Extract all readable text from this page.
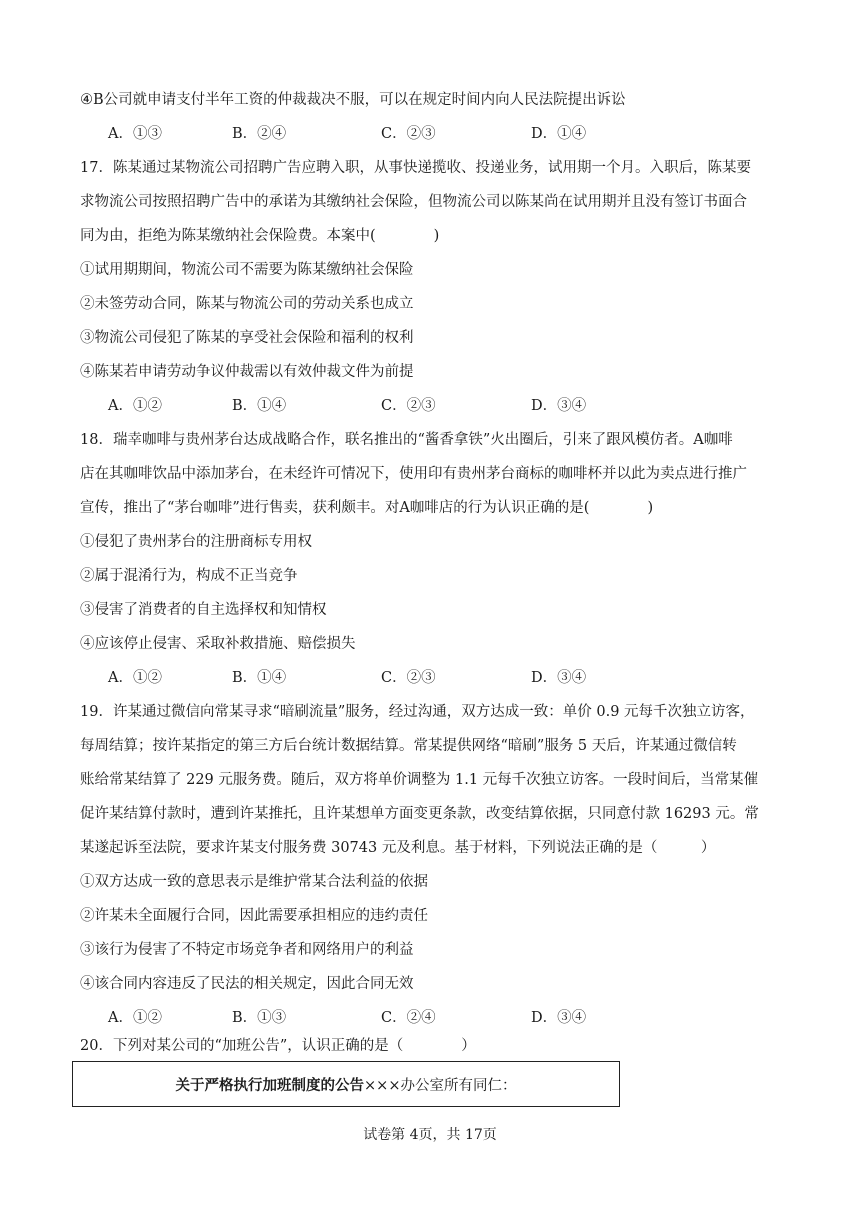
④B公司就申请支付半年工资的仲裁裁决不服，可以在规定时间内向人民法院提出诉讼
A．①③	B．②④	C．②③	D．①④
17．陈某通过某物流公司招聘广告应聘入职，从事快递揽收、投递业务，试用期一个月。入职后，陈某要
求物流公司按照招聘广告中的承诺为其缴纳社会保险，但物流公司以陈某尚在试用期并且没有签订书面合
同为由，拒绝为陈某缴纳社会保险费。本案中(　　　　)
①试用期期间，物流公司不需要为陈某缴纳社会保险
②未签劳动合同，陈某与物流公司的劳动关系也成立
③物流公司侵犯了陈某的享受社会保险和福利的权利
④陈某若申请劳动争议仲裁需以有效仲裁文件为前提
A．①②	B．①④	C．②③	D．③④
18．瑞幸咖啡与贵州茅台达成战略合作，联名推出的“酱香拿铁”火出圈后，引来了跟风模仿者。A咖啡
店在其咖啡饮品中添加茅台，在未经许可情况下，使用印有贵州茅台商标的咖啡杯并以此为卖点进行推广
宣传，推出了“茅台咖啡”进行售卖，获利颇丰。对A咖啡店的行为认识正确的是(　　　　)
①侵犯了贵州茅台的注册商标专用权
②属于混淆行为，构成不正当竞争
③侵害了消费者的自主选择权和知情权
④应该停止侵害、采取补救措施、赔偿损失
A．①②	B．①④	C．②③	D．③④
19．许某通过微信向常某寻求“暗刷流量”服务，经过沟通，双方达成一致：单价 0.9 元每千次独立访客，
每周结算；按许某指定的第三方后台统计数据结算。常某提供网络“暗刷”服务 5 天后，许某通过微信转
账给常某结算了 229 元服务费。随后，双方将单价调整为 1.1 元每千次独立访客。一段时间后，当常某催
促许某结算付款时，遭到许某推托，且许某想单方面变更条款，改变结算依据，只同意付款 16293 元。常
某遂起诉至法院，要求许某支付服务费 30743 元及利息。基于材料，下列说法正确的是（　　　）
①双方达成一致的意思表示是维护常某合法利益的依据
②许某未全面履行合同，因此需要承担相应的违约责任
③该行为侵害了不特定市场竞争者和网络用户的利益
④该合同内容违反了民法的相关规定，因此合同无效
A．①②	B．①③	C．②④	D．③④
20．下列对某公司的“加班公告”，认识正确的是（　　　　）
关于严格执行加班制度的公告 ×××办公室所有同仁：
试卷第 4页，共 17页
